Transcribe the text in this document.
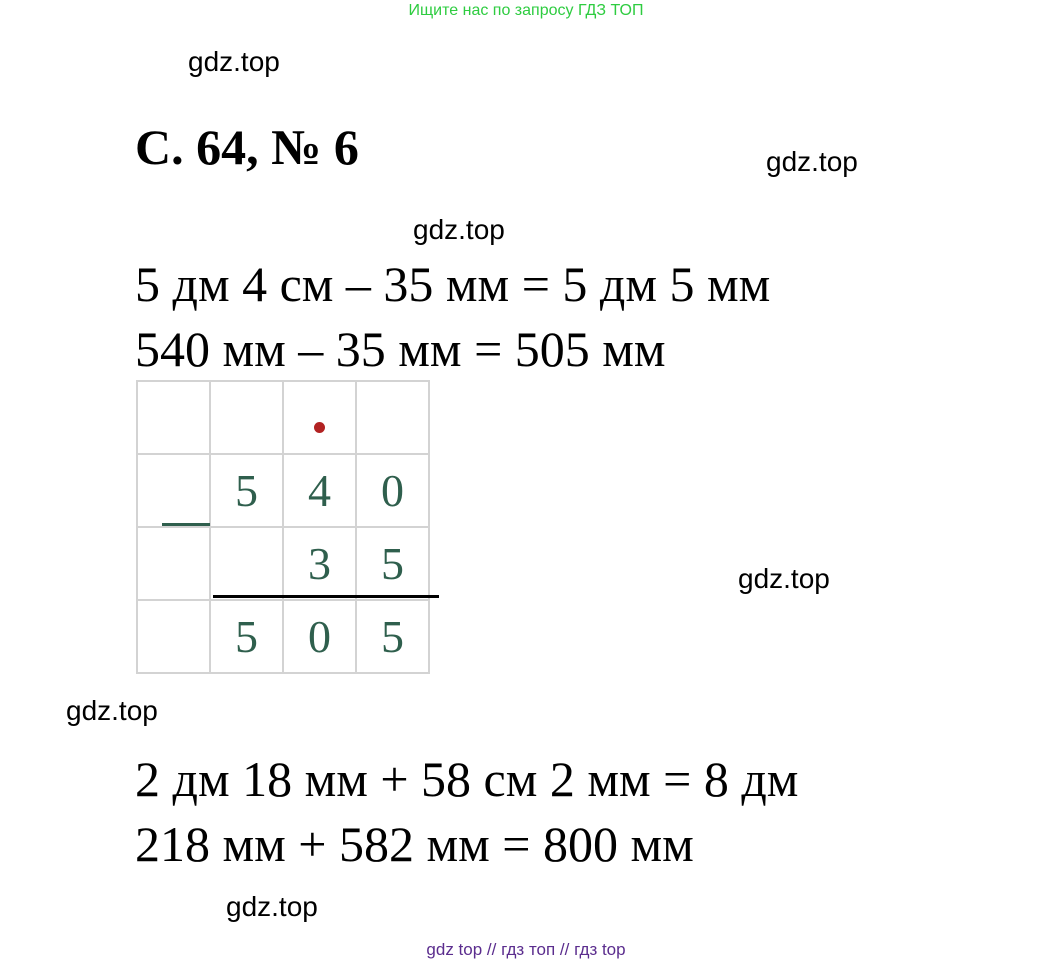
Ищите нас по запросу ГДЗ ТОП
gdz.top
С. 64, № 6	gdz.top
gdz.top
5 дм 4 см – 35 мм = 5 дм 5 мм
540 мм – 35 мм = 505 мм

	5	4	0
		3	5
	5	0	5
gdz.top
gdz.top
2 дм 18 мм + 58 см 2 мм = 8 дм
218 мм + 582 мм = 800 мм
gdz.top
gdz top // гдз топ // гдз top
